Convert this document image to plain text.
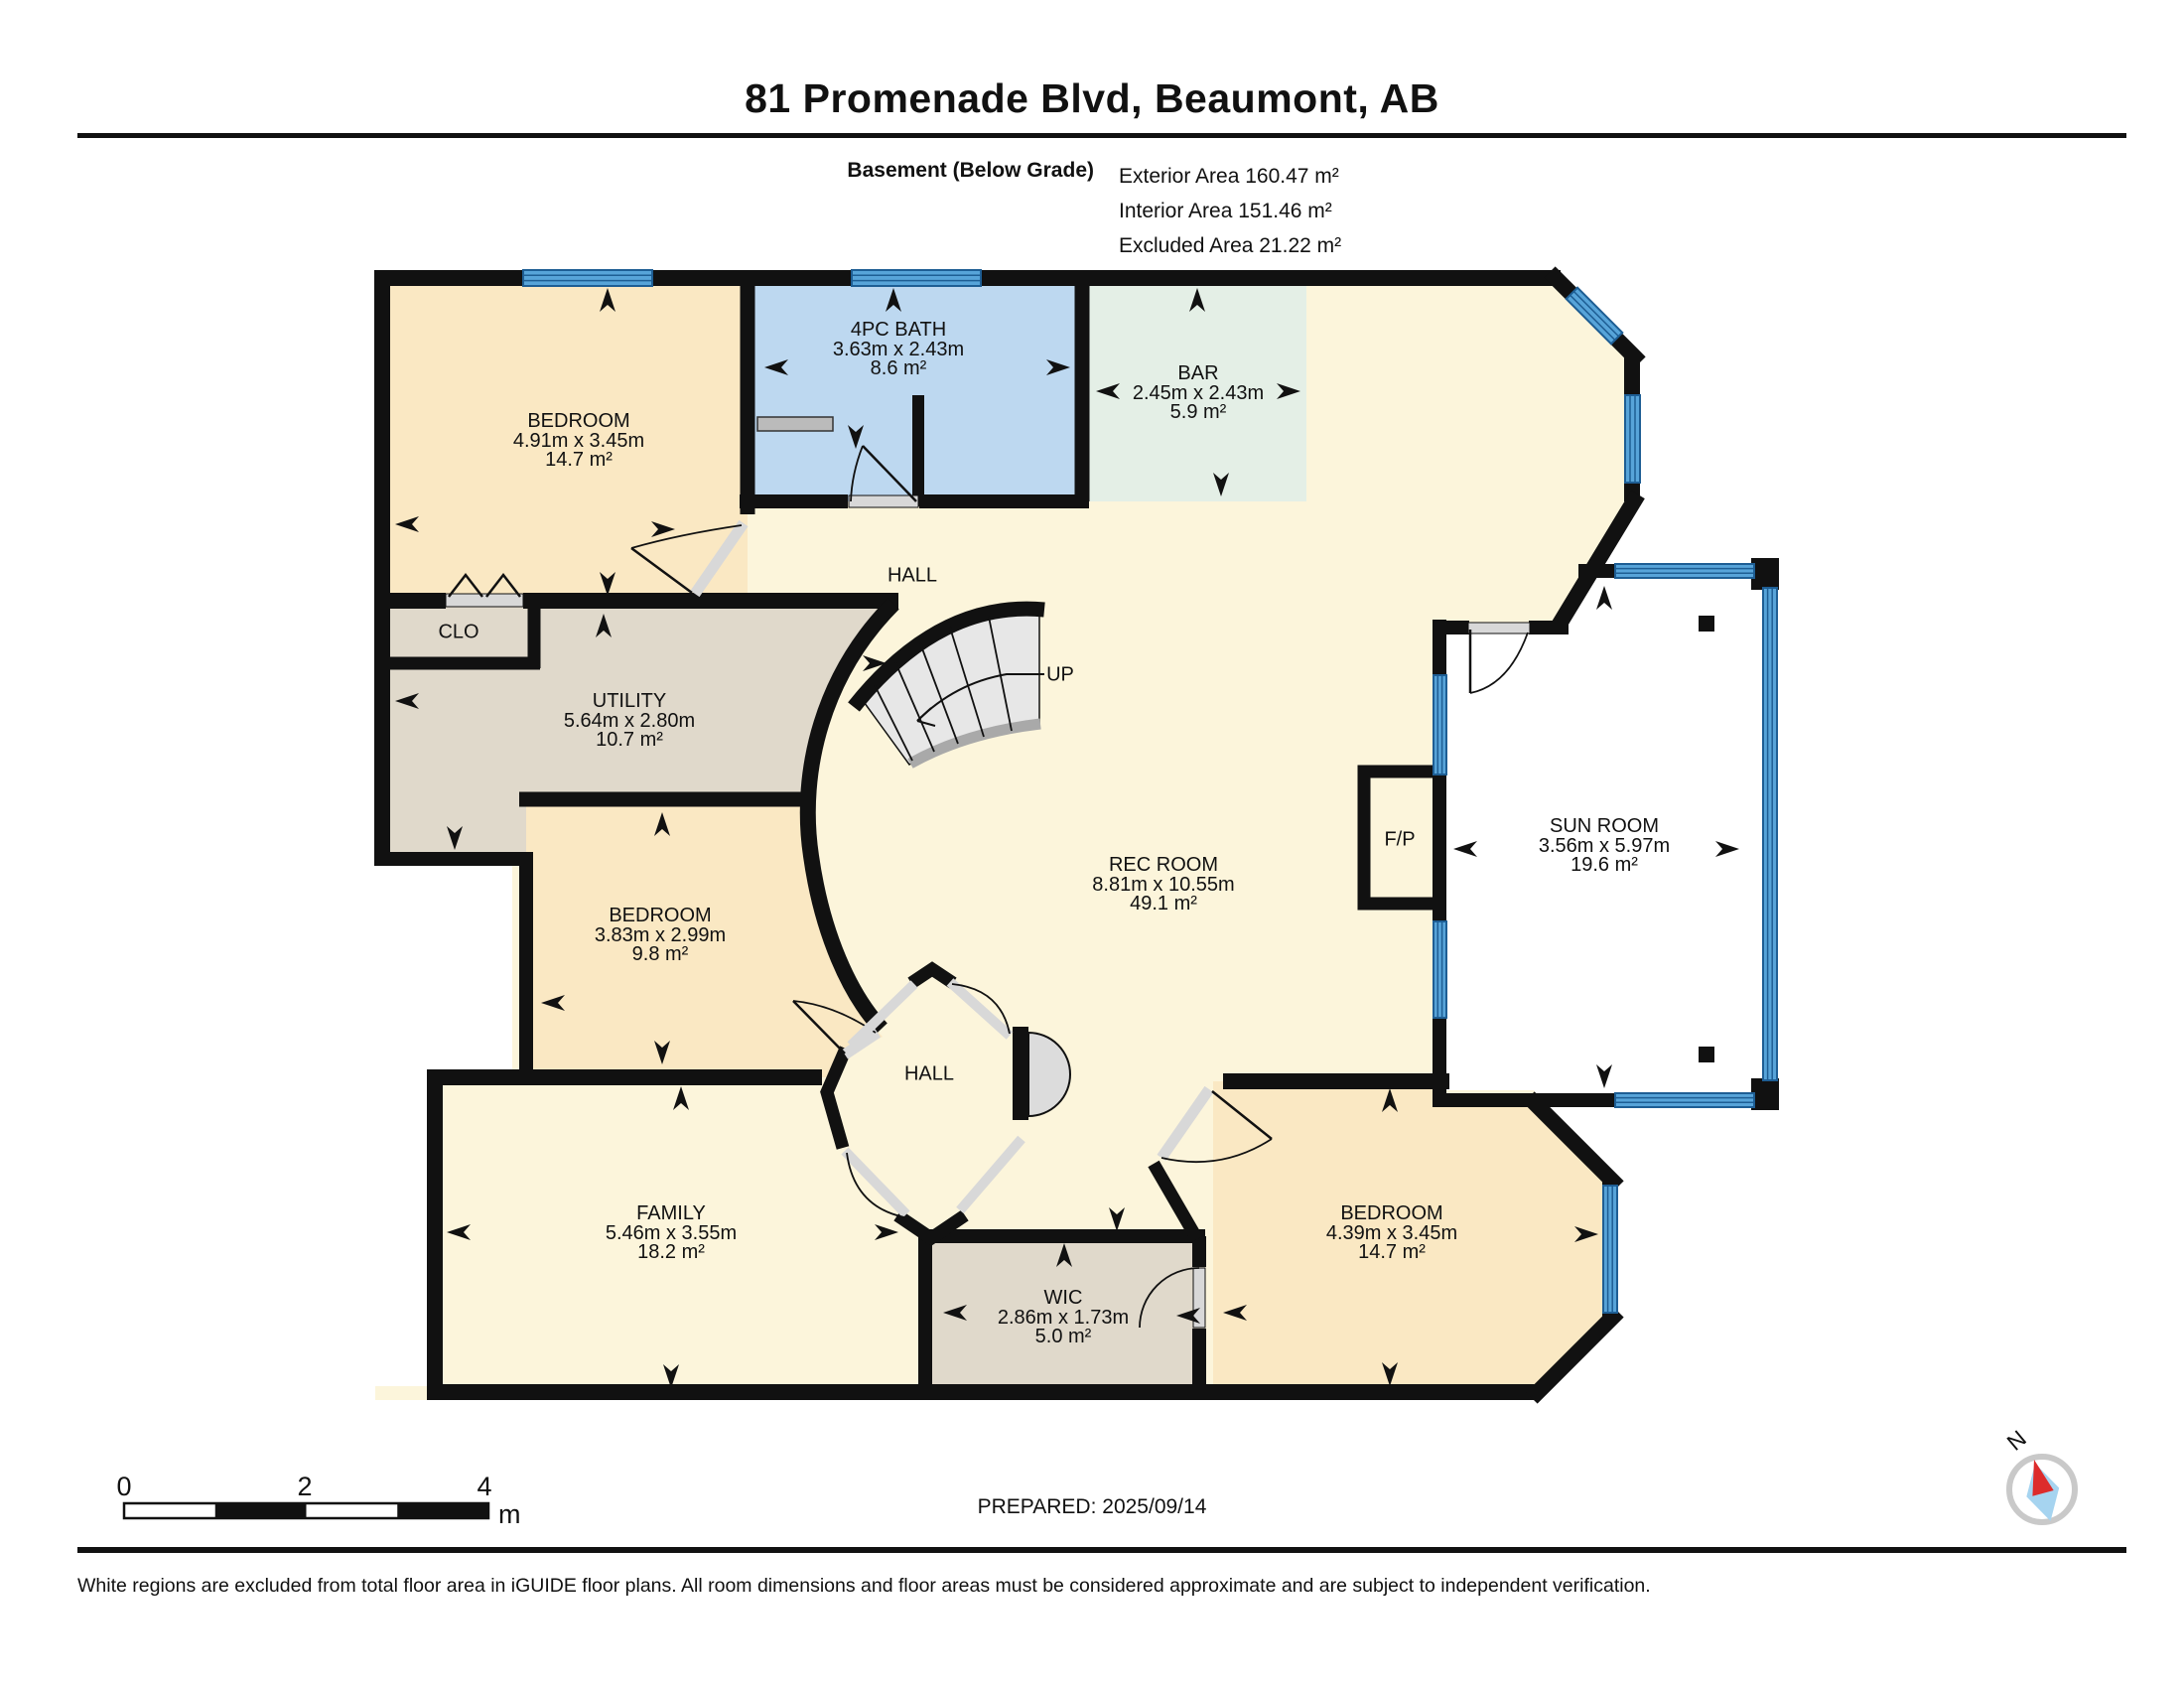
81 Promenade Blvd, Beaumont, AB
Basement (Below Grade) Exterior Area 160.47 m²
Interior Area 151.46 m²
Excluded Area 21.22 m²
N
BEDROOM
4.91m x 3.45m
14.7 m²
4PC BATH
3.63m x 2.43m
8.6 m²	BAR
2.45m x 2.43m
5.9 m²
HALL
CLO
UTILITY
5.64m x 2.80m
10.7 m²
BEDROOM
3.83m x 2.99m
9.8 m²
REC ROOM
8.81m x 10.55m
49.1 m²
F/P
SUN ROOM
3.56m x 5.97m
19.6 m²
HALL
FAMILY
5.46m x 3.55m
18.2 m²
WIC
2.86m x 1.73m
5.0 m²
BEDROOM
4.39m x 3.45m
14.7 m²
UP
0	2	4
m	PREPARED: 2025/09/14
White regions are excluded from total floor area in iGUIDE floor plans. All room dimensions and floor areas must be considered approximate and are subject to independent verification.
